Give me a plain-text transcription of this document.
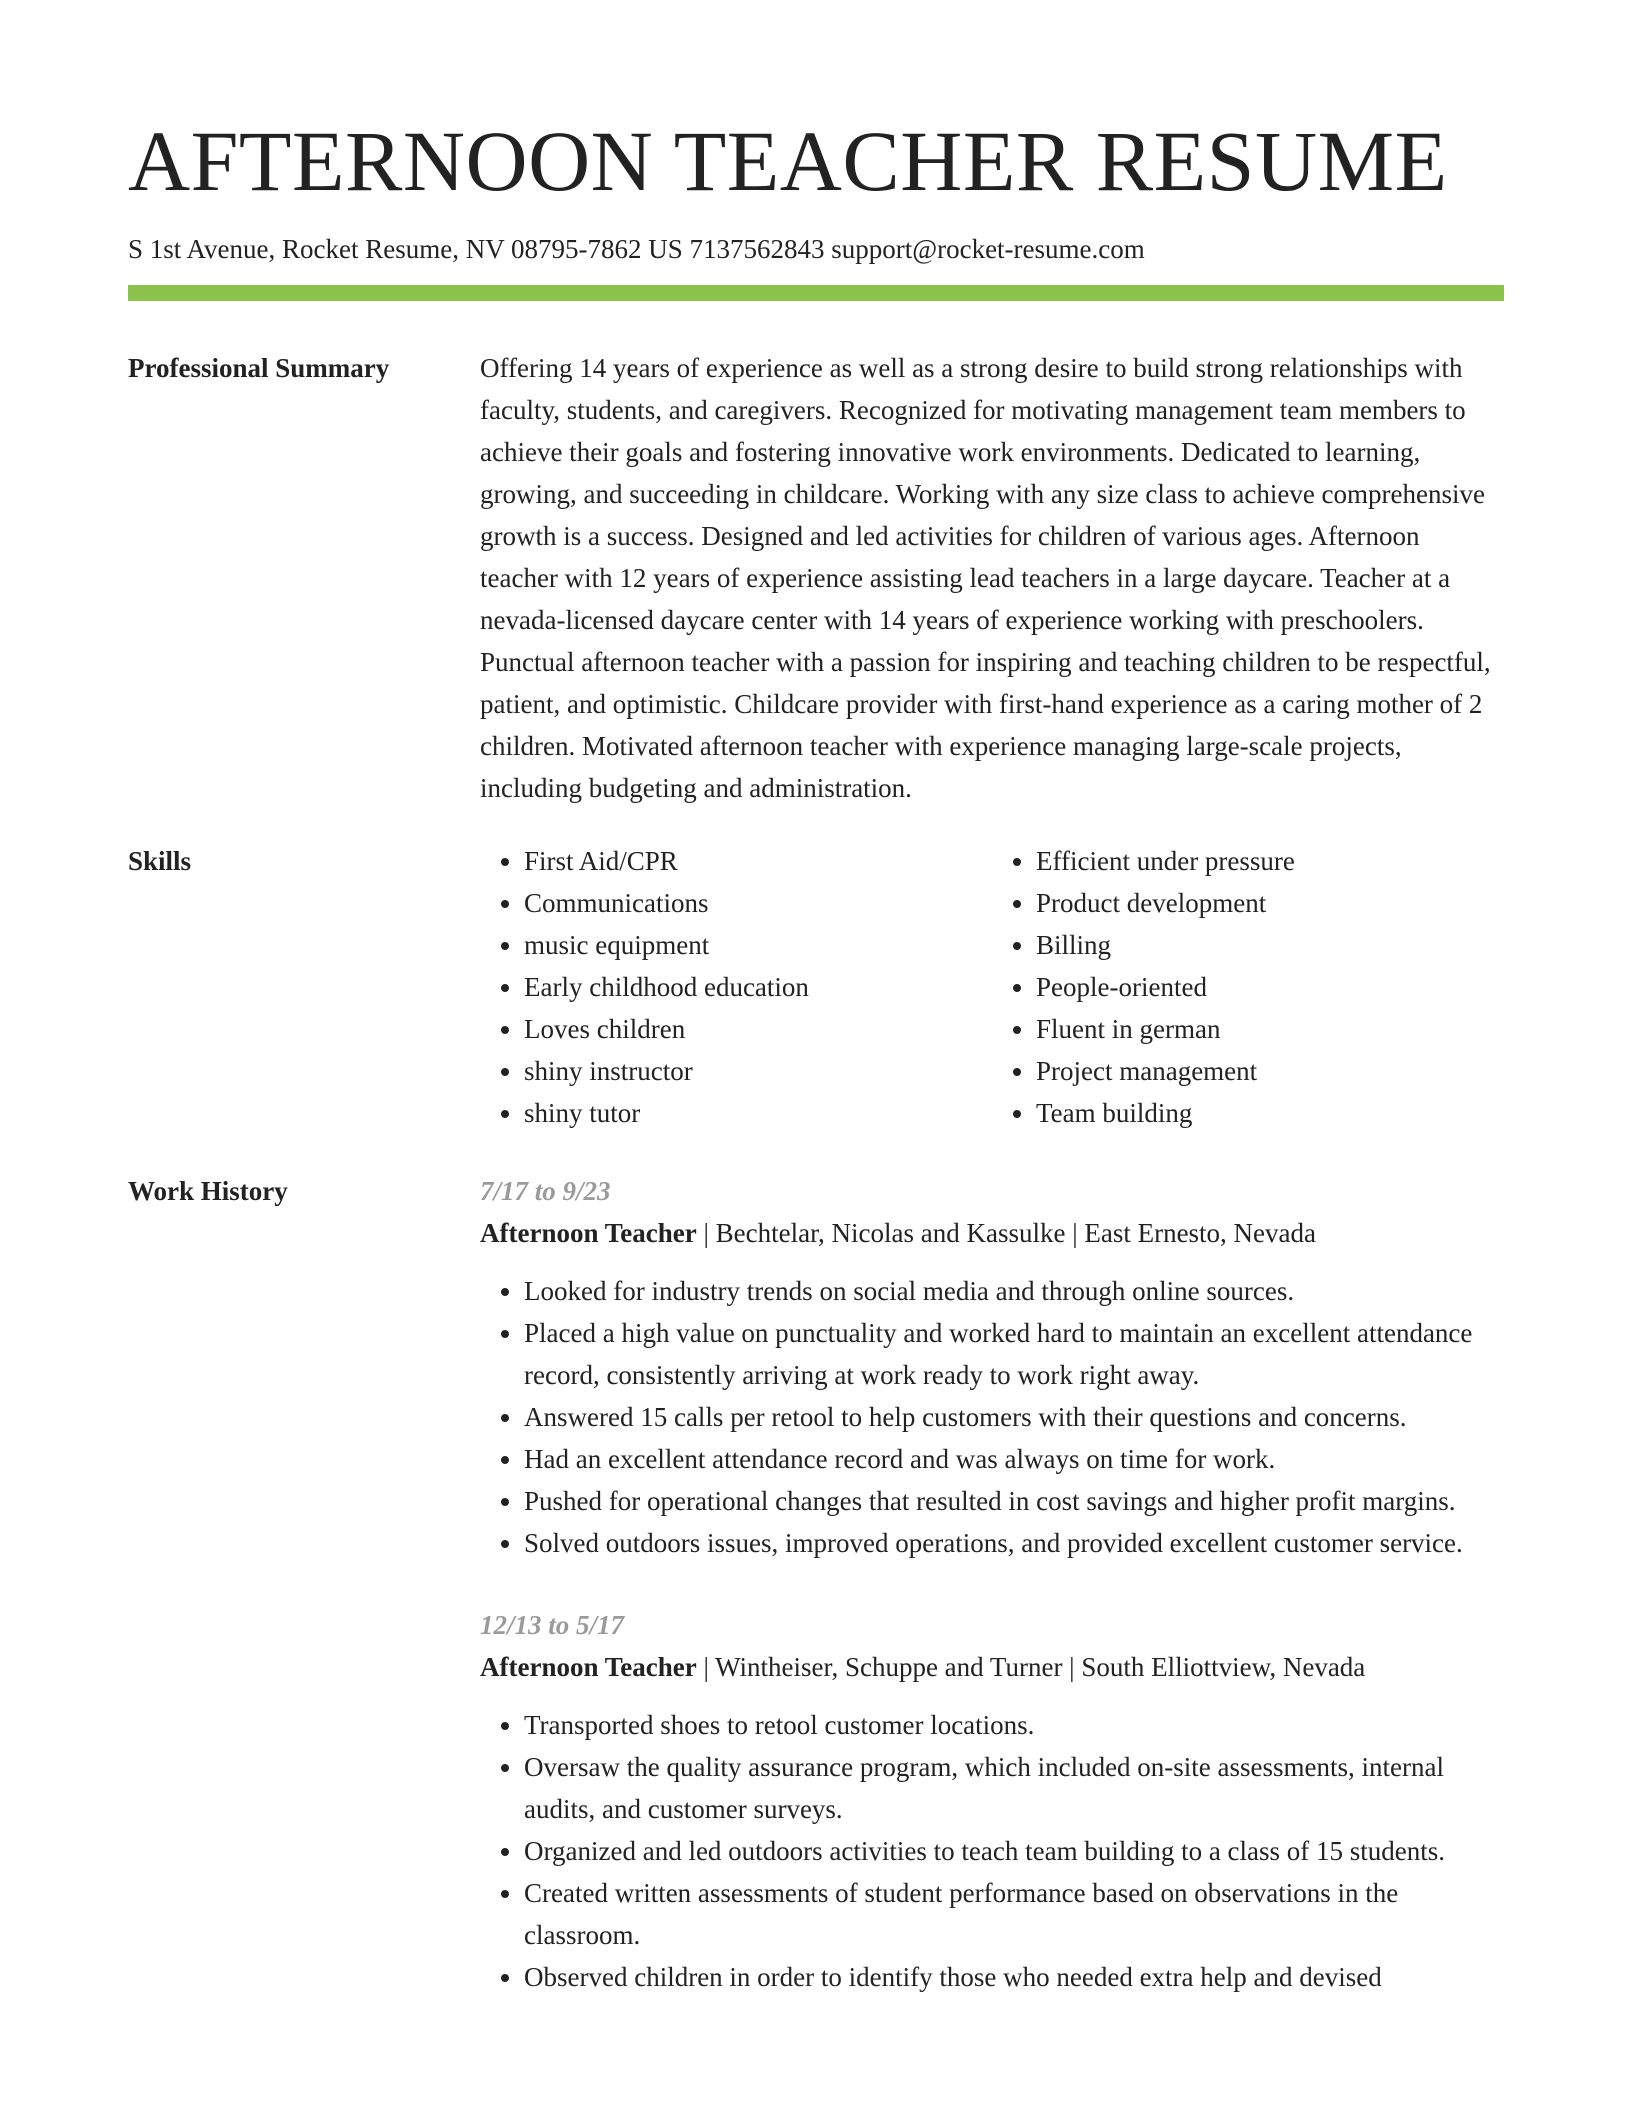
AFTERNOON TEACHER RESUME
S 1st Avenue, Rocket Resume, NV 08795-7862 US 7137562843 support@rocket-resume.com
Professional Summary	Offering 14 years of experience as well as a strong desire to build strong relationships with faculty, students, and caregivers. Recognized for motivating management team members to achieve their goals and fostering innovative work environments. Dedicated to learning, growing, and succeeding in childcare. Working with any size class to achieve comprehensive growth is a success. Designed and led activities for children of various ages. Afternoon teacher with 12 years of experience assisting lead teachers in a large daycare. Teacher at a nevada-licensed daycare center with 14 years of experience working with preschoolers. Punctual afternoon teacher with a passion for inspiring and teaching children to be respectful, patient, and optimistic. Childcare provider with first-hand experience as a caring mother of 2 children. Motivated afternoon teacher with experience managing large-scale projects, including budgeting and administration.

Skills
•	First Aid/CPR
• Communications
• music equipment
• Early childhood education
• Loves children
• shiny instructor
• shiny tutor
• Efficient under pressure
• Product development
• Billing
• People-oriented
• Fluent in german
• Project management
• Team building
Work History	7/17 to 9/23
Afternoon Teacher | Bechtelar, Nicolas and Kassulke | East Ernesto, Nevada
• Looked for industry trends on social media and through online sources.
• Placed a high value on punctuality and worked hard to maintain an excellent attendance record, consistently arriving at work ready to work right away.
• Answered 15 calls per retool to help customers with their questions and concerns.
• Had an excellent attendance record and was always on time for work.
• Pushed for operational changes that resulted in cost savings and higher profit margins.
• Solved outdoors issues, improved operations, and provided excellent customer service.
12/13 to 5/17
Afternoon Teacher | Wintheiser, Schuppe and Turner | South Elliottview, Nevada
• Transported shoes to retool customer locations.
• Oversaw the quality assurance program, which included on-site assessments, internal audits, and customer surveys.
• Organized and led outdoors activities to teach team building to a class of 15 students.
• Created written assessments of student performance based on observations in the classroom.
• Observed children in order to identify those who needed extra help and devised
